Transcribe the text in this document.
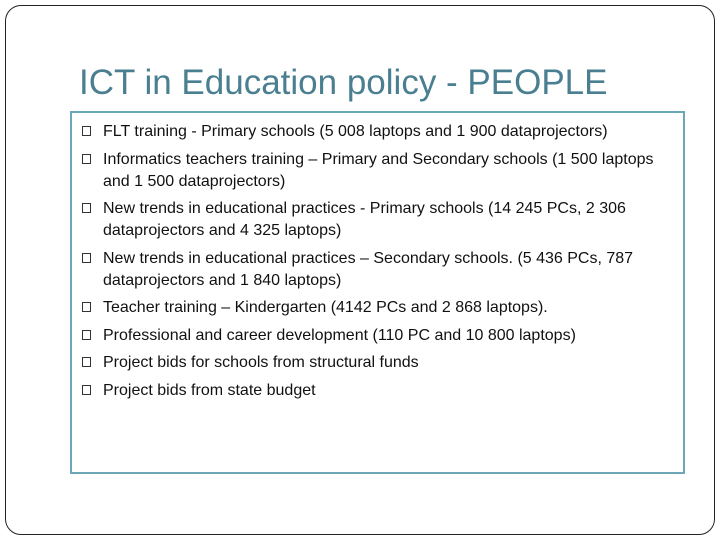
ICT in Education policy - PEOPLE
FLT training - Primary schools (5 008 laptops and 1 900 dataprojectors)
Informatics teachers training – Primary and Secondary schools (1 500 laptops and 1 500 dataprojectors)
New trends in educational practices - Primary schools (14 245 PCs, 2 306 dataprojectors and 4 325 laptops)
New trends in educational practices – Secondary schools. (5 436 PCs, 787 dataprojectors and 1 840 laptops)
Teacher training – Kindergarten (4142 PCs and 2 868 laptops).
Professional and career development (110 PC and 10 800 laptops)
Project bids for schools from structural funds
Project bids from state budget
